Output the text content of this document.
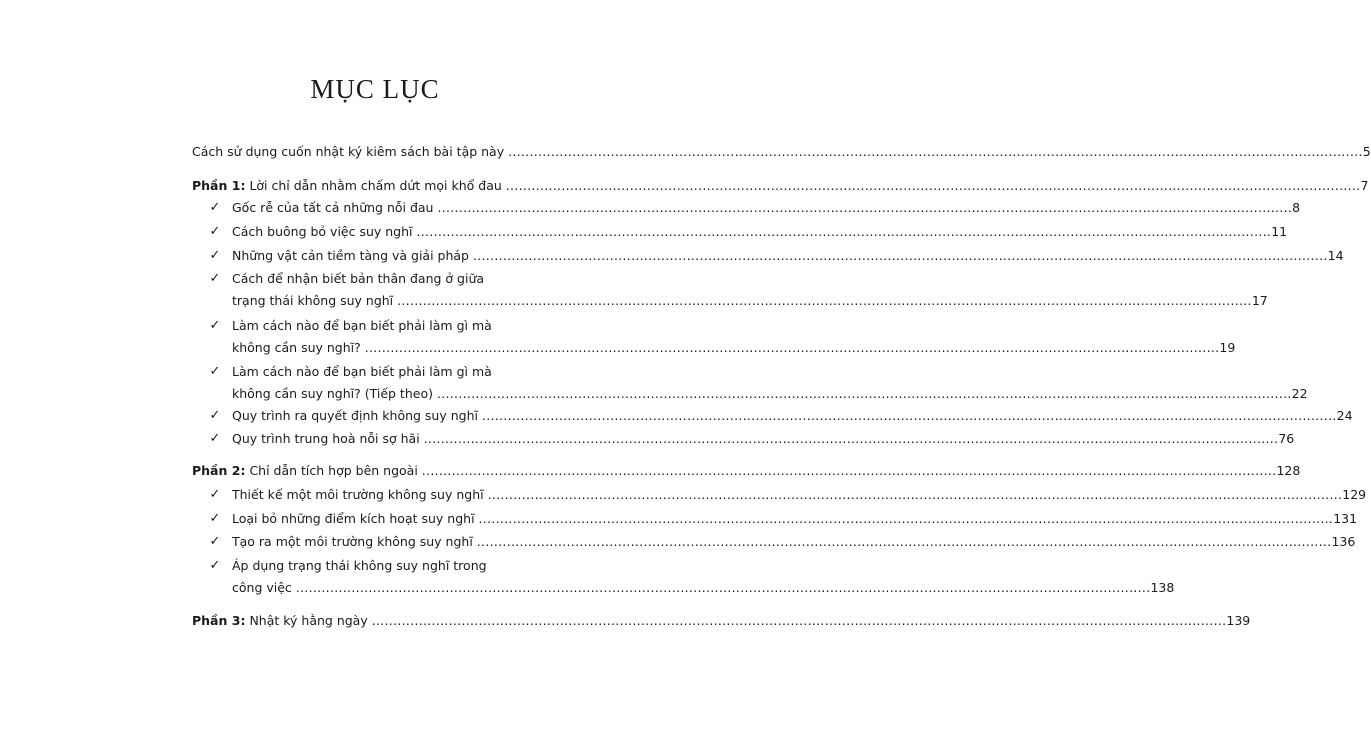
MỤC LỤC
Cách sử dụng cuốn nhật ký kiêm sách bài tập này ........................................................................................................................................................................................................ 5
Phần 1:
Lời chỉ dẫn nhằm chấm dứt mọi khổ đau ........................................................................................................................................................................................................ 7
✓ Gốc rễ của tất cả những nỗi đau ........................................................................................................................................................................................................ 8
✓ Cách buông bỏ việc suy nghĩ ........................................................................................................................................................................................................ 11
✓ Những vật cản tiềm tàng và giải pháp ........................................................................................................................................................................................................ 14
✓ Cách để nhận biết bản thân đang ở giữa
trạng thái không suy nghĩ ........................................................................................................................................................................................................ 17
✓ Làm cách nào để bạn biết phải làm gì mà
không cần suy nghĩ? ........................................................................................................................................................................................................ 19
✓ Làm cách nào để bạn biết phải làm gì mà
không cần suy nghĩ? (Tiếp theo) ........................................................................................................................................................................................................ 22
✓ Quy trình ra quyết định không suy nghĩ ........................................................................................................................................................................................................ 24
✓ Quy trình trung hoà nỗi sợ hãi ........................................................................................................................................................................................................ 76
Phần 2:
Chỉ dẫn tích hợp bên ngoài ........................................................................................................................................................................................................ 128
✓ Thiết kế một môi trường không suy nghĩ ........................................................................................................................................................................................................ 129
✓ Loại bỏ những điểm kích hoạt suy nghĩ ........................................................................................................................................................................................................ 131
✓ Tạo ra một môi trường không suy nghĩ ........................................................................................................................................................................................................ 136
✓ Áp dụng trạng thái không suy nghĩ trong
công việc ........................................................................................................................................................................................................ 138
Phần 3:
Nhật ký hằng ngày ........................................................................................................................................................................................................ 139
